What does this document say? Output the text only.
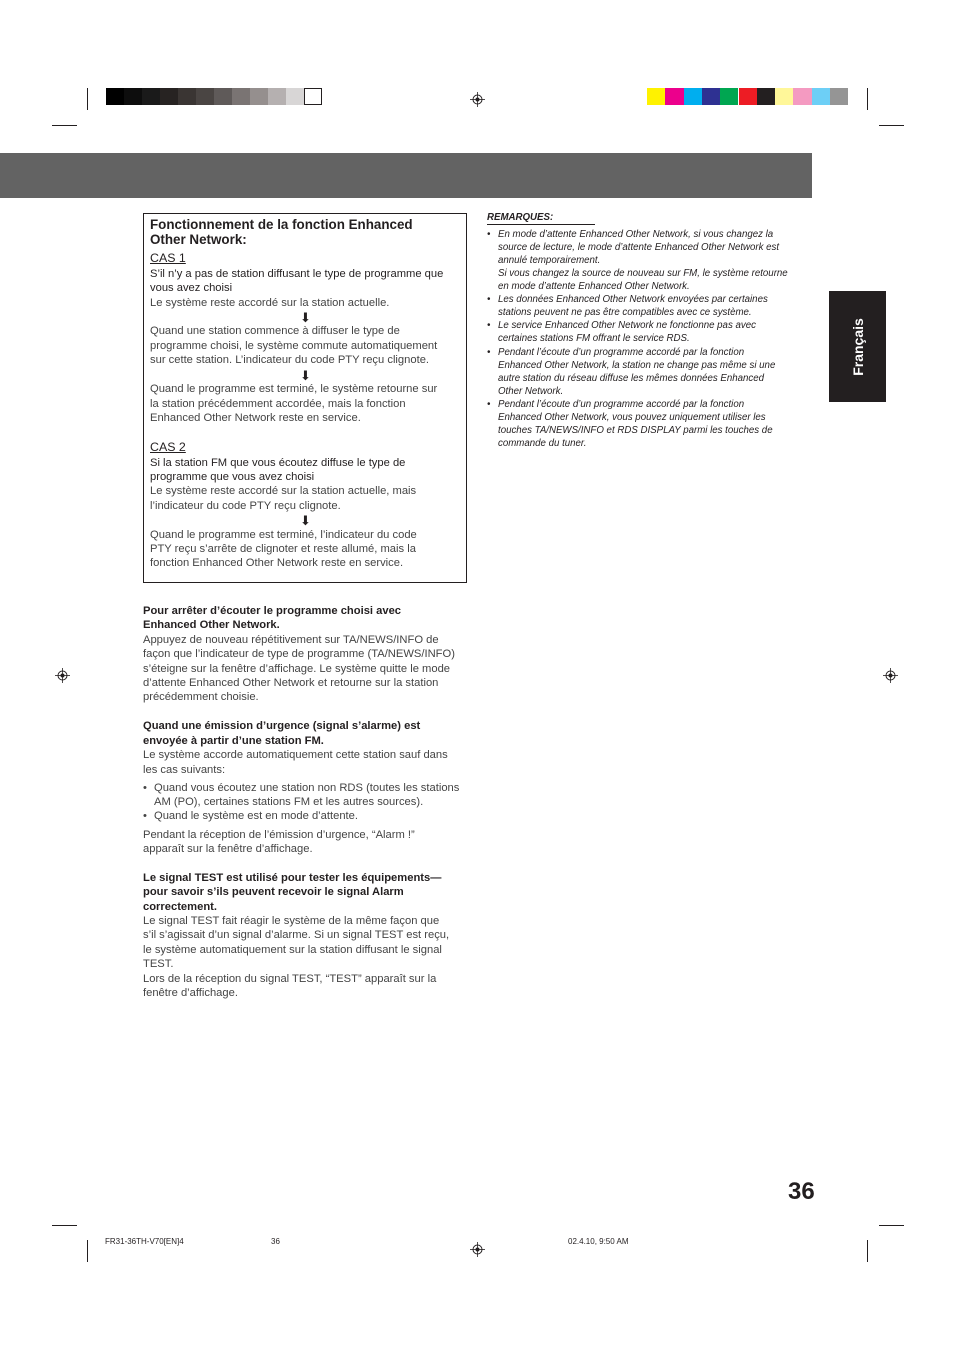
Français
Fonctionnement de la fonction Enhanced
Other Network:
CAS 1
S’il n’y a pas de station diffusant le type de programme que
vous avez choisi
Le système reste accordé sur la station actuelle.
⬇
Quand une station commence à diffuser le type de
programme choisi, le système commute automatiquement
sur cette station. L’indicateur du code PTY reçu clignote.
⬇
Quand le programme est terminé, le système retourne sur
la station précédemment accordée, mais la fonction
Enhanced Other Network reste en service.
CAS 2
Si la station FM que vous écoutez diffuse le type de
programme que vous avez choisi
Le système reste accordé sur la station actuelle, mais
l’indicateur du code PTY reçu clignote.
⬇
Quand le programme est terminé, l’indicateur du code
PTY reçu s’arrête de clignoter et reste allumé, mais la
fonction Enhanced Other Network reste en service.
Pour arrêter d’écouter le programme choisi avec
Enhanced Other Network.
Appuyez de nouveau répétitivement sur TA/NEWS/INFO de
façon que l’indicateur de type de programme (TA/NEWS/INFO)
s’éteigne sur la fenêtre d’affichage. Le système quitte le mode
d’attente Enhanced Other Network et retourne sur la station
précédemment choisie.
Quand une émission d’urgence (signal s’alarme) est
envoyée à partir d’une station FM.
Le système accorde automatiquement cette station sauf dans
les cas suivants:
• Quand vous écoutez une station non RDS (toutes les stations
AM (PO), certaines stations FM et les autres sources).
• Quand le système est en mode d’attente.
Pendant la réception de l’émission d’urgence, “Alarm !”
apparaît sur la fenêtre d’affichage.
Le signal TEST est utilisé pour tester les équipements—
pour savoir s’ils peuvent recevoir le signal Alarm
correctement.
Le signal TEST fait réagir le système de la même façon que
s’il s’agissait d’un signal d’alarme. Si un signal TEST est reçu,
le système automatiquement sur la station diffusant le signal
TEST.
Lors de la réception du signal TEST, “TEST” apparaît sur la
fenêtre d’affichage.
REMARQUES:
• En mode d’attente Enhanced Other Network, si vous changez la
source de lecture, le mode d’attente Enhanced Other Network est
annulé temporairement.
Si vous changez la source de nouveau sur FM, le système retourne
en mode d’attente Enhanced Other Network.
• Les données Enhanced Other Network envoyées par certaines
stations peuvent ne pas être compatibles avec ce système.
• Le service Enhanced Other Network ne fonctionne pas avec
certaines stations FM offrant le service RDS.
• Pendant l’écoute d’un programme accordé par la fonction
Enhanced Other Network, la station ne change pas même si une
autre station du réseau diffuse les mêmes données Enhanced
Other Network.
• Pendant l’écoute d’un programme accordé par la fonction
Enhanced Other Network, vous pouvez uniquement utiliser les
touches TA/NEWS/INFO et RDS DISPLAY parmi les touches de
commande du tuner.
36
FR31-36TH-V70[EN]4	36	02.4.10, 9:50 AM
